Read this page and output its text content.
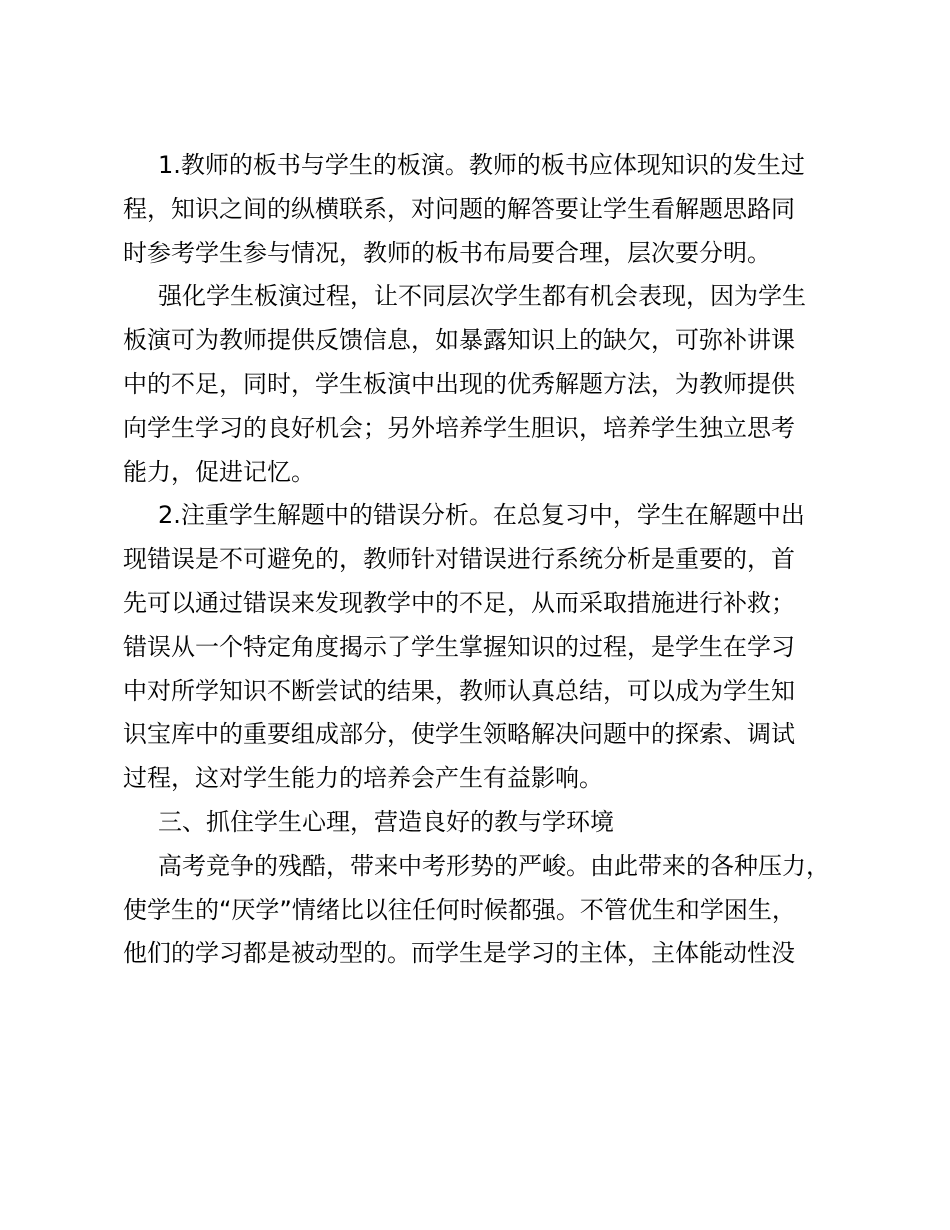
1.教师的板书与学生的板演。教师的板书应体现知识的发生过
程，知识之间的纵横联系，对问题的解答要让学生看解题思路同
时参考学生参与情况，教师的板书布局要合理，层次要分明。
强化学生板演过程，让不同层次学生都有机会表现，因为学生
板演可为教师提供反馈信息，如暴露知识上的缺欠，可弥补讲课
中的不足，同时，学生板演中出现的优秀解题方法，为教师提供
向学生学习的良好机会；另外培养学生胆识，培养学生独立思考
能力，促进记忆。
2.注重学生解题中的错误分析。在总复习中，学生在解题中出
现错误是不可避免的，教师针对错误进行系统分析是重要的，首
先可以通过错误来发现教学中的不足，从而采取措施进行补救；
错误从一个特定角度揭示了学生掌握知识的过程，是学生在学习
中对所学知识不断尝试的结果，教师认真总结，可以成为学生知
识宝库中的重要组成部分，使学生领略解决问题中的探索、调试
过程，这对学生能力的培养会产生有益影响。
三、抓住学生心理，营造良好的教与学环境
高考竞争的残酷，带来中考形势的严峻。由此带来的各种压力，
使学生的“厌学”情绪比以往任何时候都强。不管优生和学困生，
他们的学习都是被动型的。而学生是学习的主体，主体能动性没
